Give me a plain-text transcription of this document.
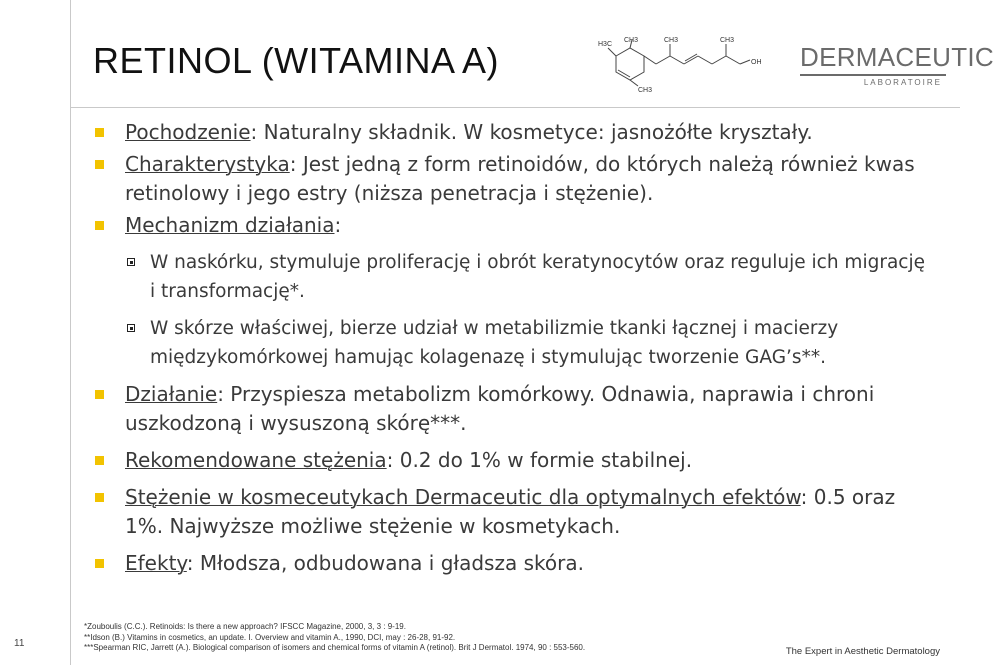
RETINOL (WITAMINA A)	H3C
CH3	CH3	CH3
CH3
OH DERMACEUTIC
LABORATOIRE

Pochodzenie: Naturalny składnik. W kosmetyce: jasnożółte kryształy.

Charakterystyka: Jest jedną z form retinoidów, do których należą również kwas retinolowy i jego estry (niższa penetracja i stężenie).

Mechanizm działania:

W naskórku, stymuluje proliferację i obrót keratynocytów oraz reguluje ich migrację i transformację*.

W skórze właściwej, bierze udział w metabilizmie tkanki łącznej i macierzy międzykomórkowej hamując kolagenazę i stymulując tworzenie GAG’s**.

Działanie: Przyspiesza metabolizm komórkowy. Odnawia, naprawia i chroni uszkodzoną i wysuszoną skórę***.

Rekomendowane stężenia: 0.2 do 1% w formie stabilnej.

Stężenie w kosmeceutykach Dermaceutic dla optymalnych efektów: 0.5 oraz 1%. Najwyższe możliwe stężenie w kosmetykach.

Efekty: Młodsza, odbudowana i gładsza skóra.

*Zouboulis (C.C.). Retinoids: Is there a new approach? IFSCC Magazine, 2000, 3, 3 : 9-19.
**Idson (B.) Vitamins in cosmetics, an update. I. Overview and vitamin A., 1990, DCI, may : 26-28, 91-92.
***Spearman RIC, Jarrett (A.). Biological comparison of isomers and chemical forms of vitamin A (retinol). Brit J Dermatol. 1974, 90 : 553-560.
11
The Expert in Aesthetic Dermatology
